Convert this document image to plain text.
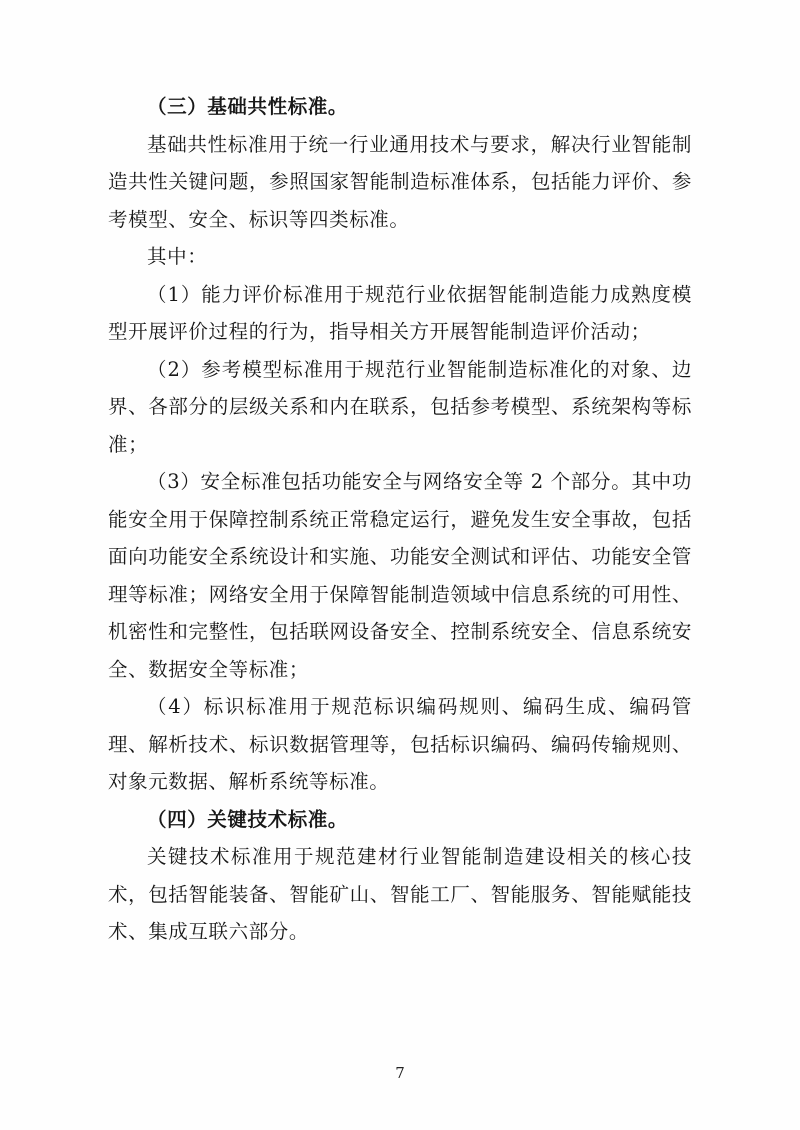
（三）基础共性标准。

基础共性标准用于统一行业通用技术与要求，解决行业智能制造共性关键问题，参照国家智能制造标准体系，包括能力评价、参考模型、安全、标识等四类标准。

其中：

（1）能力评价标准用于规范行业依据智能制造能力成熟度模型开展评价过程的行为，指导相关方开展智能制造评价活动；

（2）参考模型标准用于规范行业智能制造标准化的对象、边界、各部分的层级关系和内在联系，包括参考模型、系统架构等标准；

（3）安全标准包括功能安全与网络安全等 2 个部分。其中功能安全用于保障控制系统正常稳定运行，避免发生安全事故，包括面向功能安全系统设计和实施、功能安全测试和评估、功能安全管理等标准；网络安全用于保障智能制造领域中信息系统的可用性、机密性和完整性，包括联网设备安全、控制系统安全、信息系统安全、数据安全等标准；

（4）标识标准用于规范标识编码规则、编码生成、编码管理、解析技术、标识数据管理等，包括标识编码、编码传输规则、对象元数据、解析系统等标准。

（四）关键技术标准。

关键技术标准用于规范建材行业智能制造建设相关的核心技术，包括智能装备、智能矿山、智能工厂、智能服务、智能赋能技术、集成互联六部分。

7
